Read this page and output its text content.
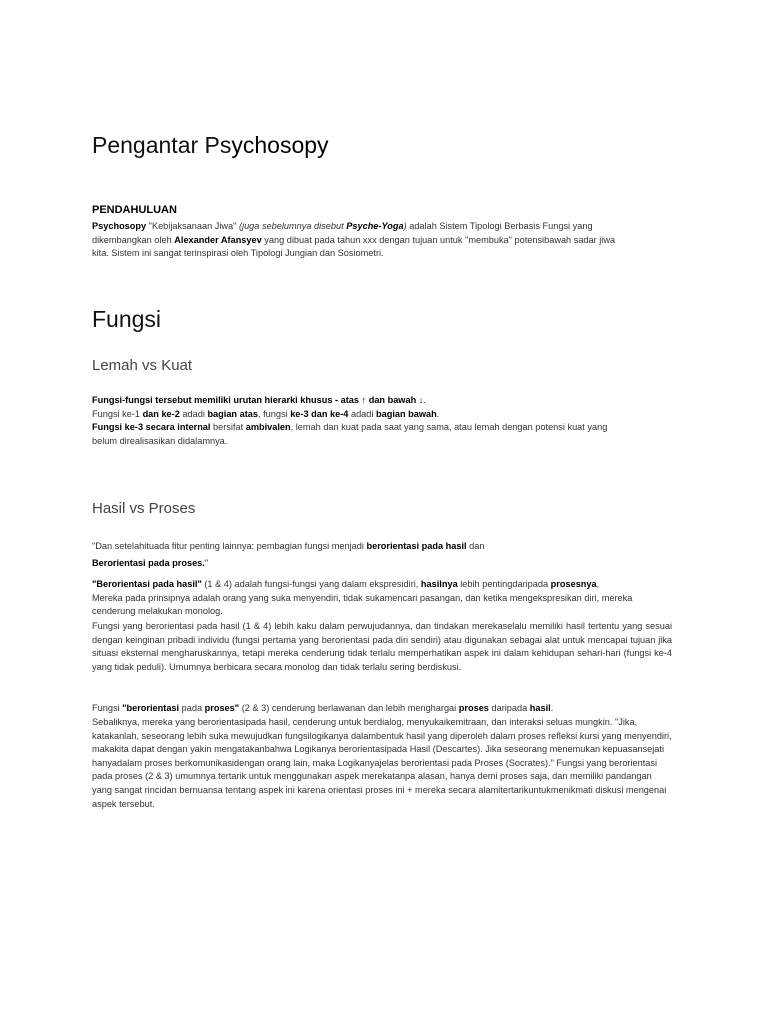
Pengantar Psychosopy
PENDAHULUAN
Psychosopy "Kebijaksanaan Jiwa" (juga sebelumnya disebut Psyche-Yoga) adalah Sistem Tipologi Berbasis Fungsi yang
dikembangkan oleh Alexander Afansyev yang dibuat pada tahun xxx dengan tujuan untuk "membuka" potensibawah sadar jiwa
kita. Sistem ini sangat terinspirasi oleh Tipologi Jungian dan Sosiometri.
Fungsi
Lemah vs Kuat
Fungsi-fungsi tersebut memiliki urutan hierarki khusus - atas ↑ dan bawah ↓.
Fungsi ke-1 dan ke-2 adadi bagian atas, fungsi ke-3 dan ke-4 adadi bagian bawah.
Fungsi ke-3 secara internal bersifat ambivalen, lemah dan kuat pada saat yang sama, atau lemah dengan potensi kuat yang
belum direalisasikan didalamnya.
Hasil vs Proses
"Dan setelahituada fitur penting lainnya: pembagian fungsi menjadi berorientasi pada hasil dan
Berorientasi pada proses."
"Berorientasi pada hasil" (1 & 4) adalah fungsi-fungsi yang dalam ekspresidiri, hasilnya lebih pentingdaripada prosesnya.
Mereka pada prinsipnya adalah orang yang suka menyendiri, tidak sukamencari pasangan, dan ketika mengekspresikan diri, mereka cenderung melakukan monolog.
Fungsi yang berorientasi pada hasil (1 & 4) lebih kaku dalam perwujudannya, dan tindakan merekaselalu memiliki hasil tertentu yang sesuai dengan keinginan pribadi individu (fungsi pertama yang berorientasi pada diri sendiri) atau digunakan sebagai alat untuk mencapai tujuan jika situasi eksternal mengharuskannya, tetapi mereka cenderung tidak terlalu memperhatikan aspek ini dalam kehidupan sehari-hari (fungsi ke-4 yang tidak peduli). Umumnya berbicara secara monolog dan tidak terlalu sering berdiskusi.
Fungsi "berorientasi pada proses" (2 & 3) cenderung berlawanan dan lebih menghargai proses daripada hasil.
Sebaliknya, mereka yang berorientasipada hasil, cenderung untuk berdialog, menyukaikemitraan, dan interaksi seluas mungkin. "Jika, katakanlah, seseorang lebih suka mewujudkan fungsilogikanya dalambentuk hasil yang diperoleh dalam proses refleksi kursi yang menyendiri, makakita dapat dengan yakin mengatakanbahwa Logikanya berorientasipada Hasil (Descartes). Jika seseorang menemukan kepuasansejati hanyadalam proses berkomunikasidengan orang lain, maka Logikanyajelas berorientasi pada Proses (Socrates)." Fungsi yang berorientasi pada proses (2 & 3) umumnya tertarik untuk menggunakan aspek merekatanpa alasan, hanya demi proses saja, dan memiliki pandangan yang sangat rincidan bernuansa tentang aspek ini karena orientasi proses ini + mereka secara alamitertarikuntukmenikmati diskusi mengenai aspek tersebut.
